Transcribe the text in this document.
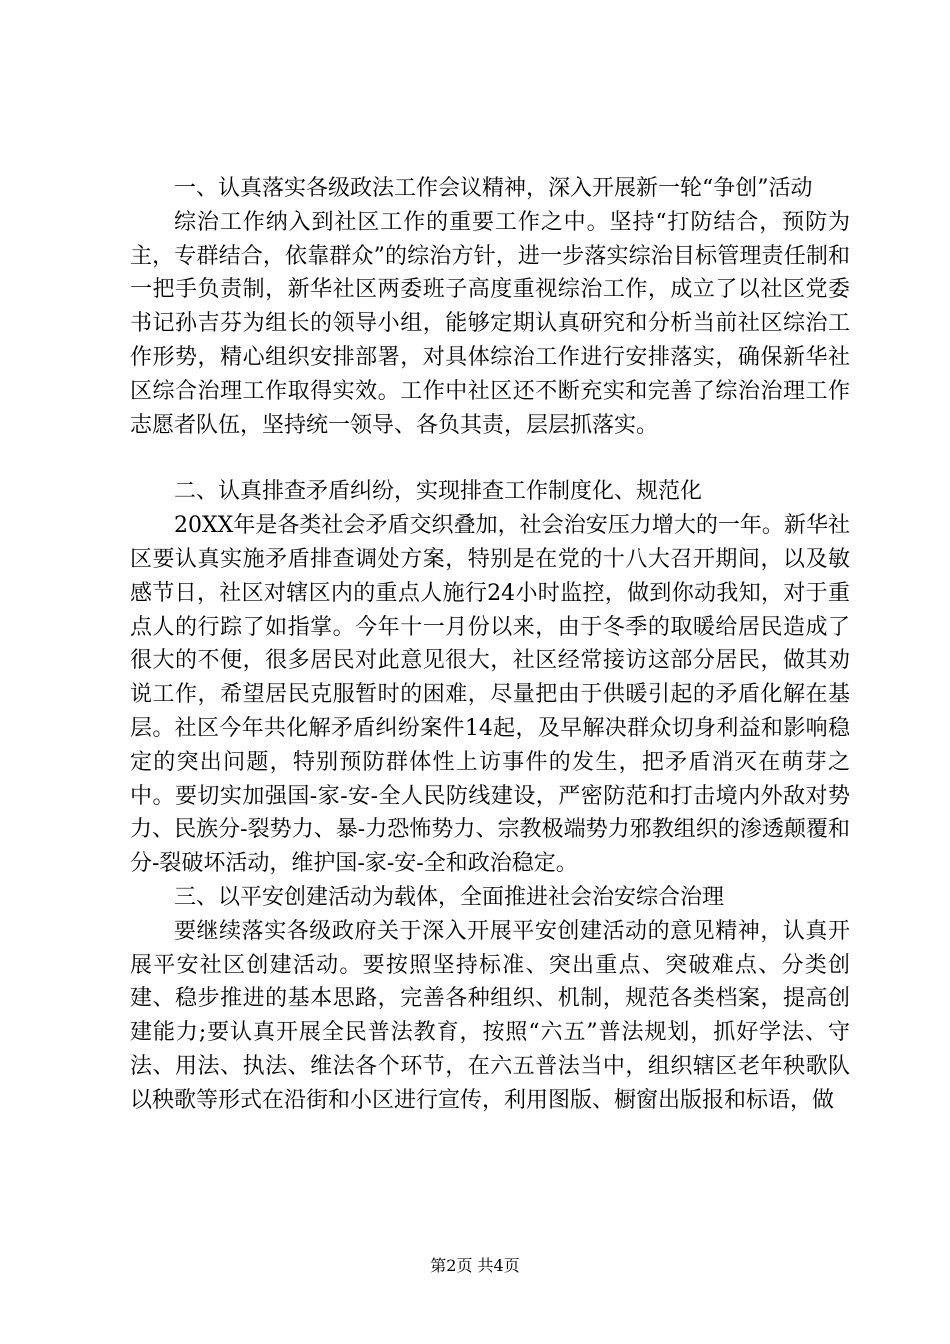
一、认真落实各级政法工作会议精神，深入开展新一轮“争创”活动

综治工作纳入到社区工作的重要工作之中。坚持“打防结合，预防为主，专群结合，依靠群众”的综治方针，进一步落实综治目标管理责任制和一把手负责制，新华社区两委班子高度重视综治工作，成立了以社区党委书记孙吉芬为组长的领导小组，能够定期认真研究和分析当前社区综治工作形势，精心组织安排部署，对具体综治工作进行安排落实，确保新华社区综合治理工作取得实效。工作中社区还不断充实和完善了综治治理工作志愿者队伍，坚持统一领导、各负其责，层层抓落实。

二、认真排查矛盾纠纷，实现排查工作制度化、规范化

20XX年是各类社会矛盾交织叠加，社会治安压力增大的一年。新华社区要认真实施矛盾排查调处方案，特别是在党的十八大召开期间，以及敏感节日，社区对辖区内的重点人施行24小时监控，做到你动我知，对于重点人的行踪了如指掌。今年十一月份以来，由于冬季的取暖给居民造成了很大的不便，很多居民对此意见很大，社区经常接访这部分居民，做其劝说工作，希望居民克服暂时的困难，尽量把由于供暖引起的矛盾化解在基层。社区今年共化解矛盾纠纷案件14起，及早解决群众切身利益和影响稳定的突出问题，特别预防群体性上访事件的发生，把矛盾消灭在萌芽之中。要切实加强国-家-安-全人民防线建设，严密防范和打击境内外敌对势力、民族分-裂势力、暴-力恐怖势力、宗教极端势力邪教组织的渗透颠覆和分-裂破坏活动，维护国-家-安-全和政治稳定。

三、以平安创建活动为载体，全面推进社会治安综合治理

要继续落实各级政府关于深入开展平安创建活动的意见精神，认真开展平安社区创建活动。要按照坚持标准、突出重点、突破难点、分类创建、稳步推进的基本思路，完善各种组织、机制，规范各类档案，提高创建能力;要认真开展全民普法教育，按照“六五”普法规划，抓好学法、守法、用法、执法、维法各个环节，在六五普法当中，组织辖区老年秧歌队以秧歌等形式在沿街和小区进行宣传，利用图版、橱窗出版报和标语，做

第2页 共4页
